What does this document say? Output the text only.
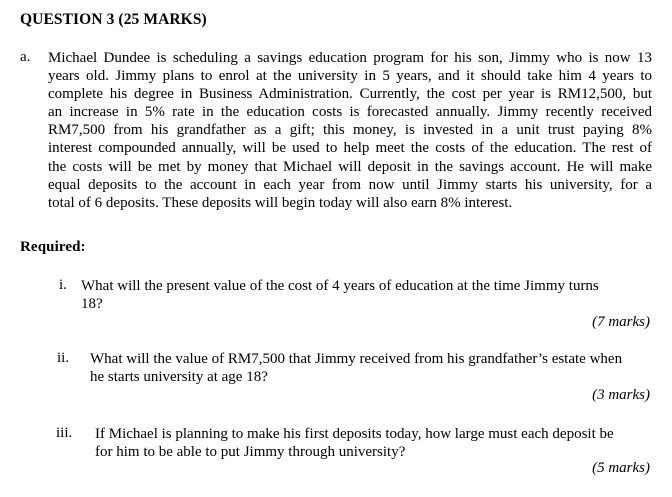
QUESTION 3 (25 MARKS)
a. Michael Dundee is scheduling a savings education program for his son, Jimmy who is now 13
years old. Jimmy plans to enrol at the university in 5 years, and it should take him 4 years to
complete his degree in Business Administration. Currently, the cost per year is RM12,500, but
an increase in 5% rate in the education costs is forecasted annually. Jimmy recently received
RM7,500 from his grandfather as a gift; this money, is invested in a unit trust paying 8%
interest compounded annually, will be used to help meet the costs of the education. The rest of
the costs will be met by money that Michael will deposit in the savings account. He will make
equal deposits to the account in each year from now until Jimmy starts his university, for a
total of 6 deposits. These deposits will begin today will also earn 8% interest.
Required:
i. What will the present value of the cost of 4 years of education at the time Jimmy turns
18?
(7 marks)
ii. What will the value of RM7,500 that Jimmy received from his grandfather’s estate when
he starts university at age 18?
(3 marks)
iii. If Michael is planning to make his first deposits today, how large must each deposit be
for him to be able to put Jimmy through university?
(5 marks)
